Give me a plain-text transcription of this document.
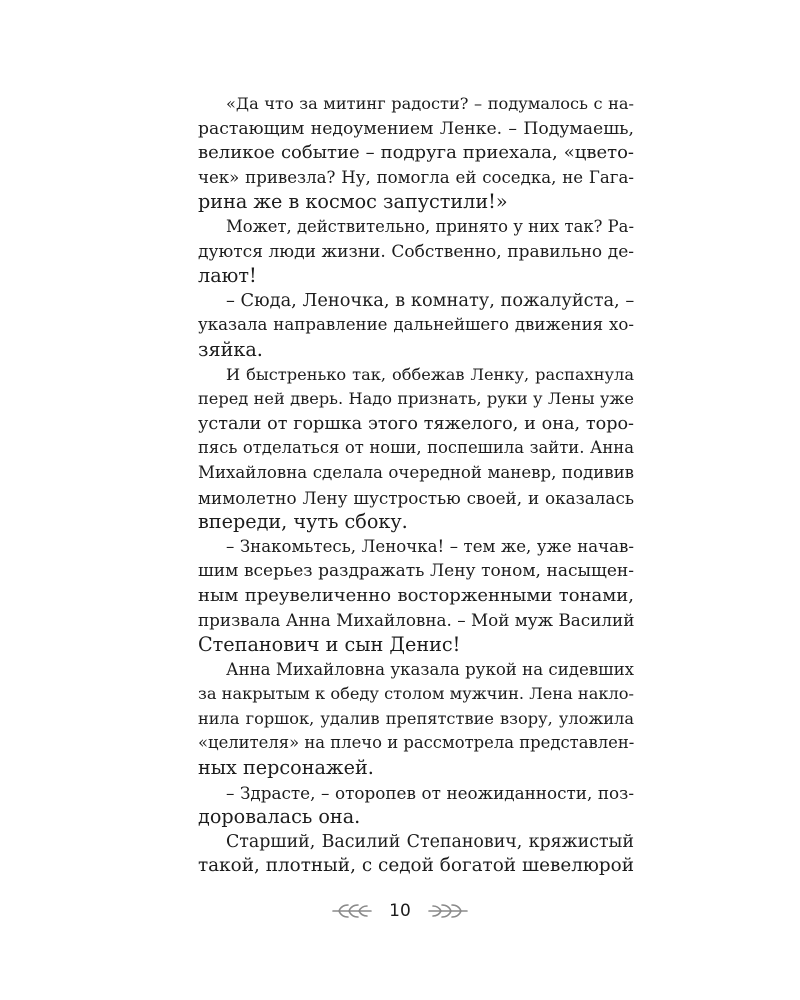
«Да что за митинг радости? – подумалось с на-
растающим недоумением Ленке. – Подумаешь,
великое событие – подруга приехала, «цвето-
чек» привезла? Ну, помогла ей соседка, не Гага-
рина же в космос запустили!»
Может, действительно, принято у них так? Ра-
дуются люди жизни. Собственно, правильно де-
лают!
– Сюда, Леночка, в комнату, пожалуйста, –
указала направление дальнейшего движения хо-
зяйка.
И быстренько так, оббежав Ленку, распахнула
перед ней дверь. Надо признать, руки у Лены уже
устали от горшка этого тяжелого, и она, торо-
пясь отделаться от ноши, поспешила зайти. Анна
Михайловна сделала очередной маневр, подивив
мимолетно Лену шустростью своей, и оказалась
впереди, чуть сбоку.
– Знакомьтесь, Леночка! – тем же, уже начав-
шим всерьез раздражать Лену тоном, насыщен-
ным преувеличенно восторженными тонами,
призвала Анна Михайловна. – Мой муж Василий
Степанович и сын Денис!
Анна Михайловна указала рукой на сидевших
за накрытым к обеду столом мужчин. Лена накло-
нила горшок, удалив препятствие взору, уложила
«целителя» на плечо и рассмотрела представлен-
ных персонажей.
– Здрасте, – оторопев от неожиданности, поз-
доровалась она.
Старший, Василий Степанович, кряжистый
такой, плотный, с седой богатой шевелюрой
10
